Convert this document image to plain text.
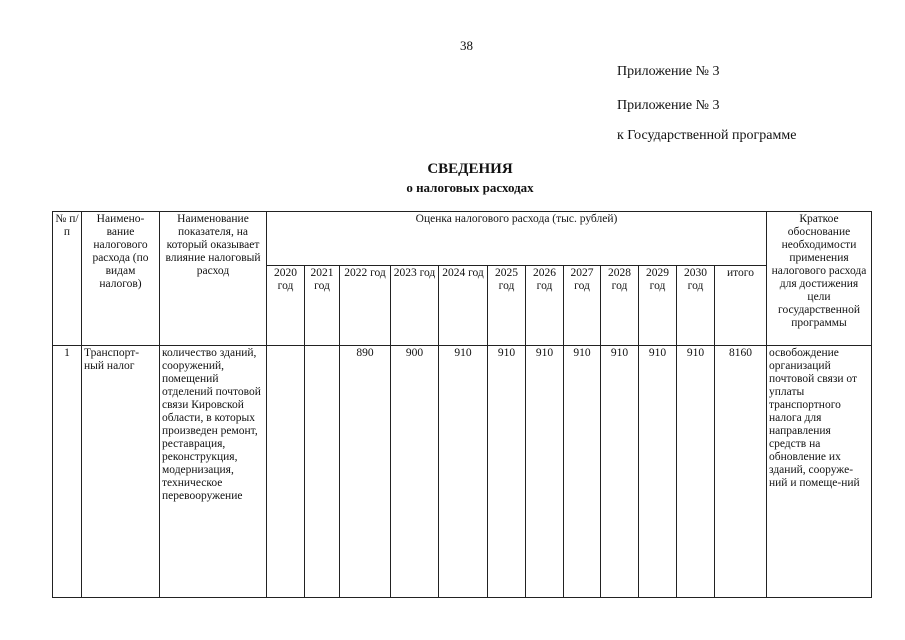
38
Приложение № 3
Приложение № 3
к Государственной программе
СВЕДЕНИЯ
о налоговых расходах
№ п/п	Наимено-вание налогового расхода (по видам налогов)	Наименование показателя, на который оказывает влияние налоговый расход	Оценка налогового расхода (тыс. рублей)												Краткое обоснование необходимости применения налогового расхода для достижения цели государственной программы
			2020 год	2021 год	2022 год	2023 год	2024 год	2025 год	2026 год	2027 год	2028 год	2029 год	2030 год	итого	
1	Транспорт-ный налог	количество зданий, сооружений, помещений отделений почтовой связи Кировской области, в которых произведен ремонт, реставрация, реконструкция, модернизация, техническое перевооружение			890	900	910	910	910	910	910	910	910	8160	освобождение организаций почтовой связи от уплаты транспортного налога для направления средств на обновление их зданий, сооруже-ний и помеще-ний
